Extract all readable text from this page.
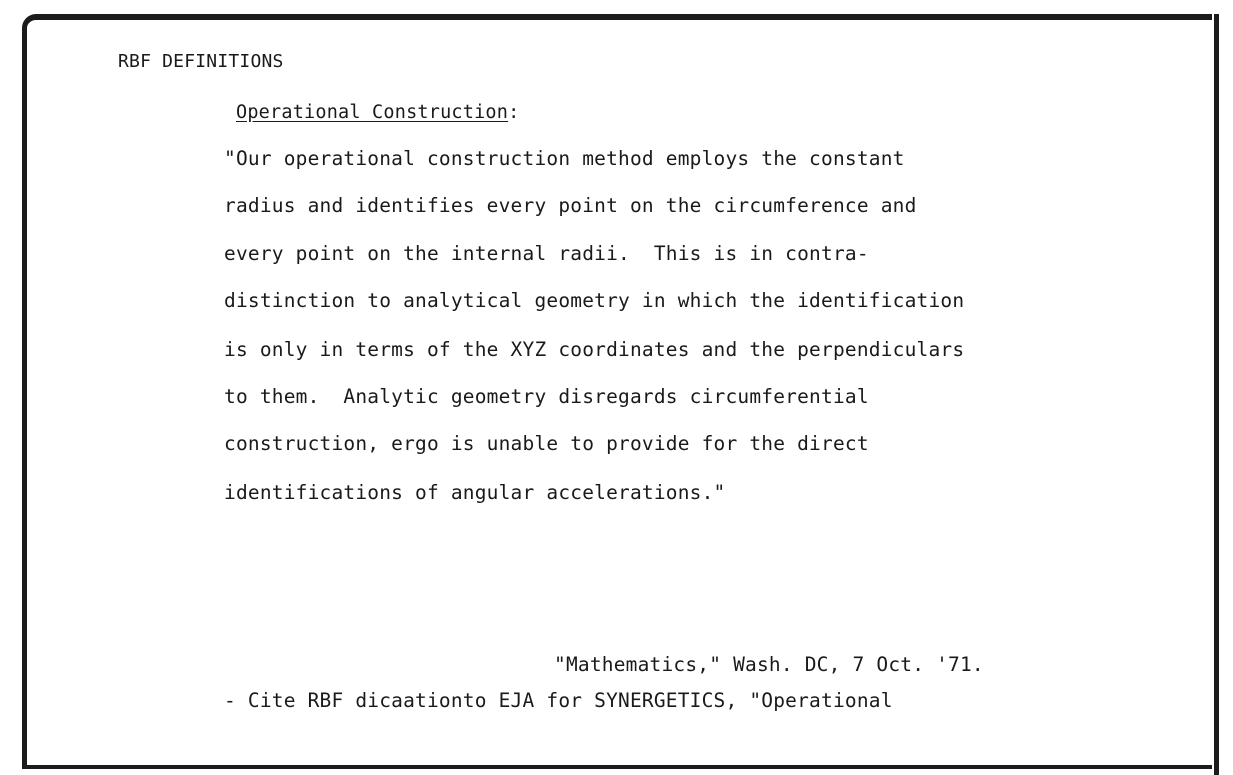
RBF DEFINITIONS
Operational Construction:
"Our operational construction method employs the constant
radius and identifies every point on the circumference and
every point on the internal radii.  This is in contra-
distinction to analytical geometry in which the identification
is only in terms of the XYZ coordinates and the perpendiculars
to them.  Analytic geometry disregards circumferential
construction, ergo is unable to provide for the direct
identifications of angular accelerations."
"Mathematics," Wash. DC, 7 Oct. '71.
- Cite RBF dicaationto EJA for SYNERGETICS, "Operational
